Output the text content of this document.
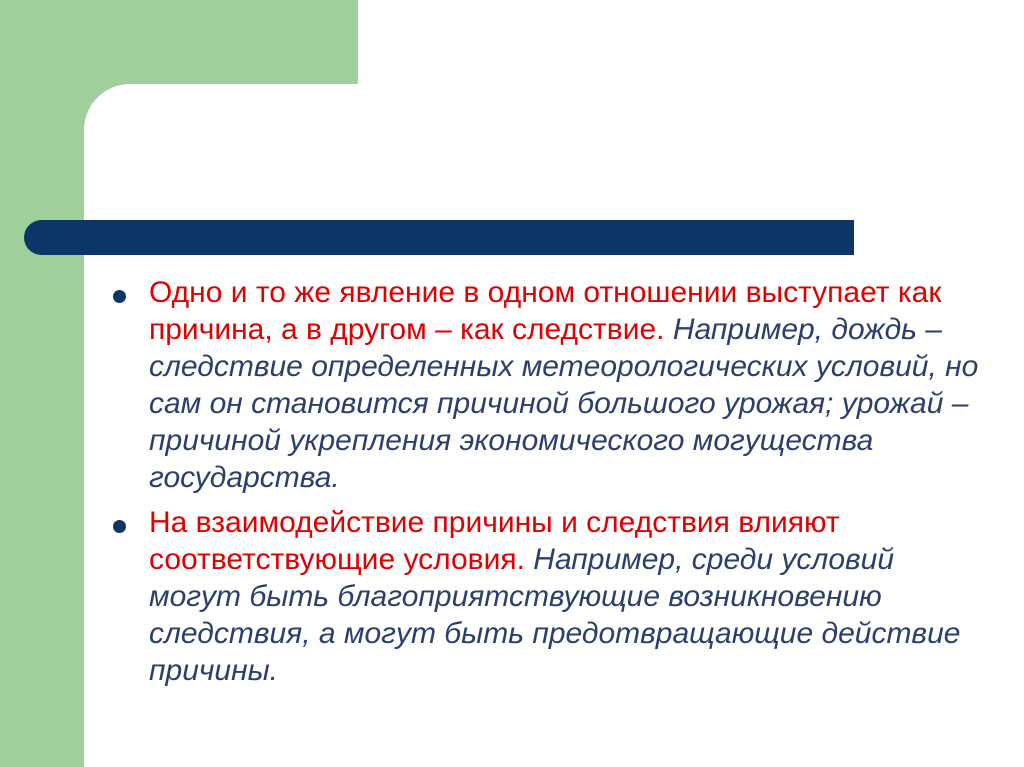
Одно и то же явление в одном отношении выступает как причина, а в другом – как следствие. Например, дождь – следствие определенных метеорологических условий, но сам он становится причиной большого урожая; урожай – причиной укрепления экономического могущества государства.
На взаимодействие причины и следствия влияют соответствующие условия. Например, среди условий могут быть благоприятствующие возникновению следствия, а могут быть предотвращающие действие причины.
